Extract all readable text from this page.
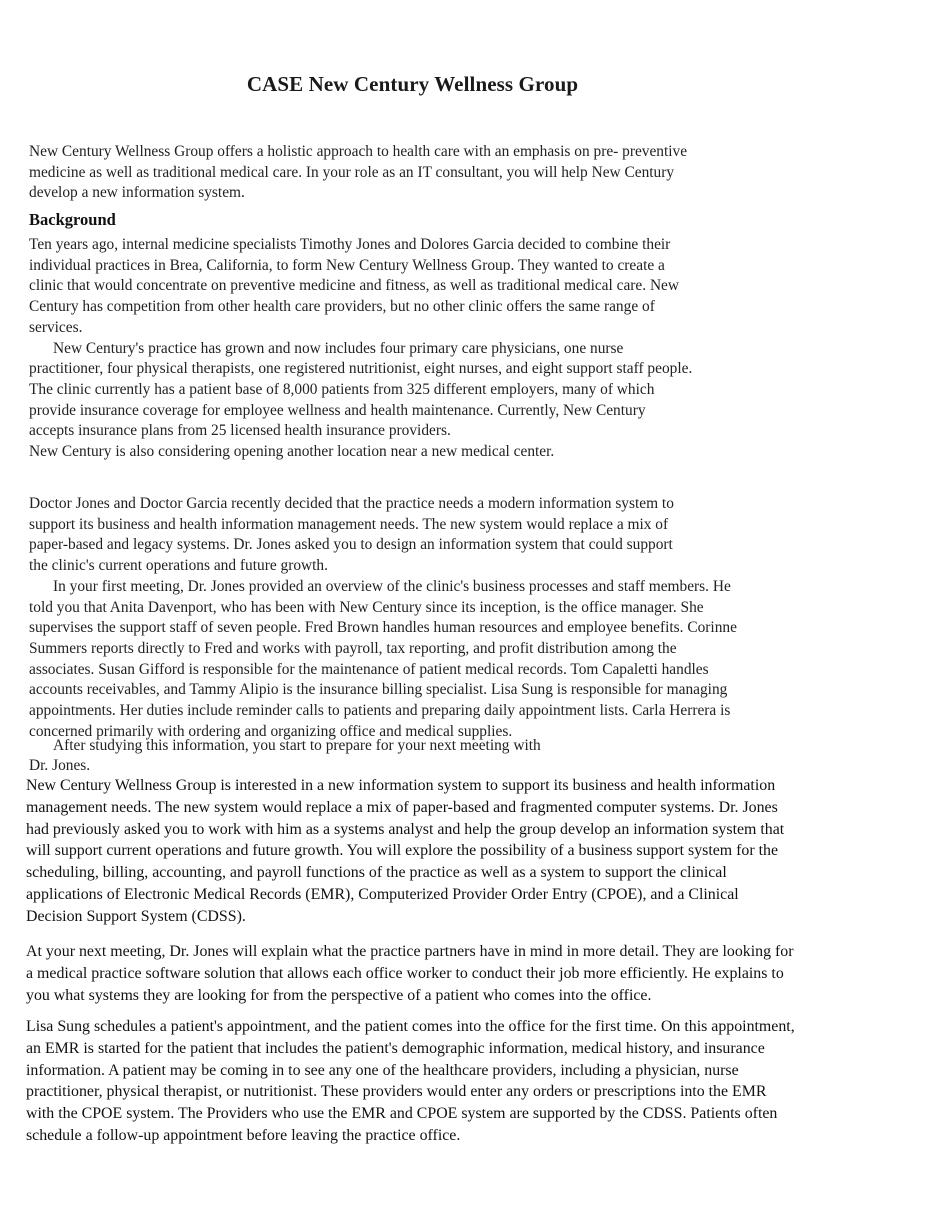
CASE New Century Wellness Group
New Century Wellness Group offers a holistic approach to health care with an emphasis on pre- preventive
medicine as well as traditional medical care. In your role as an IT consultant, you will help New Century
develop a new information system.
Background
Ten years ago, internal medicine specialists Timothy Jones and Dolores Garcia decided to combine their
individual practices in Brea, California, to form New Century Wellness Group. They wanted to create a
clinic that would concentrate on preventive medicine and fitness, as well as traditional medical care. New
Century has competition from other health care providers, but no other clinic offers the same range of
services.
New Century's practice has grown and now includes four primary care physicians, one nurse
practitioner, four physical therapists, one registered nutritionist, eight nurses, and eight support staff people.
The clinic currently has a patient base of 8,000 patients from 325 different employers, many of which
provide insurance coverage for employee wellness and health maintenance. Currently, New Century
accepts insurance plans from 25 licensed health insurance providers.
New Century is also considering opening another location near a new medical center.
Doctor Jones and Doctor Garcia recently decided that the practice needs a modern information system to
support its business and health information management needs. The new system would replace a mix of
paper-based and legacy systems. Dr. Jones asked you to design an information system that could support
the clinic's current operations and future growth.
In your first meeting, Dr. Jones provided an overview of the clinic's business processes and staff members. He
told you that Anita Davenport, who has been with New Century since its inception, is the office manager. She
supervises the support staff of seven people. Fred Brown handles human resources and employee benefits. Corinne
Summers reports directly to Fred and works with payroll, tax reporting, and profit distribution among the
associates. Susan Gifford is responsible for the maintenance of patient medical records. Tom Capaletti handles
accounts receivables, and Tammy Alipio is the insurance billing specialist. Lisa Sung is responsible for managing
appointments. Her duties include reminder calls to patients and preparing daily appointment lists. Carla Herrera is
concerned primarily with ordering and organizing office and medical supplies.
After studying this information, you start to prepare for your next meeting with
Dr. Jones.
New Century Wellness Group is interested in a new information system to support its business and health information
management needs. The new system would replace a mix of paper-based and fragmented computer systems. Dr. Jones
had previously asked you to work with him as a systems analyst and help the group develop an information system that
will support current operations and future growth. You will explore the possibility of a business support system for the
scheduling, billing, accounting, and payroll functions of the practice as well as a system to support the clinical
applications of Electronic Medical Records (EMR), Computerized Provider Order Entry (CPOE), and a Clinical
Decision Support System (CDSS).
At your next meeting, Dr. Jones will explain what the practice partners have in mind in more detail. They are looking for
a medical practice software solution that allows each office worker to conduct their job more efficiently. He explains to
you what systems they are looking for from the perspective of a patient who comes into the office.
Lisa Sung schedules a patient's appointment, and the patient comes into the office for the first time. On this appointment,
an EMR is started for the patient that includes the patient's demographic information, medical history, and insurance
information. A patient may be coming in to see any one of the healthcare providers, including a physician, nurse
practitioner, physical therapist, or nutritionist. These providers would enter any orders or prescriptions into the EMR
with the CPOE system. The Providers who use the EMR and CPOE system are supported by the CDSS. Patients often
schedule a follow-up appointment before leaving the practice office.
